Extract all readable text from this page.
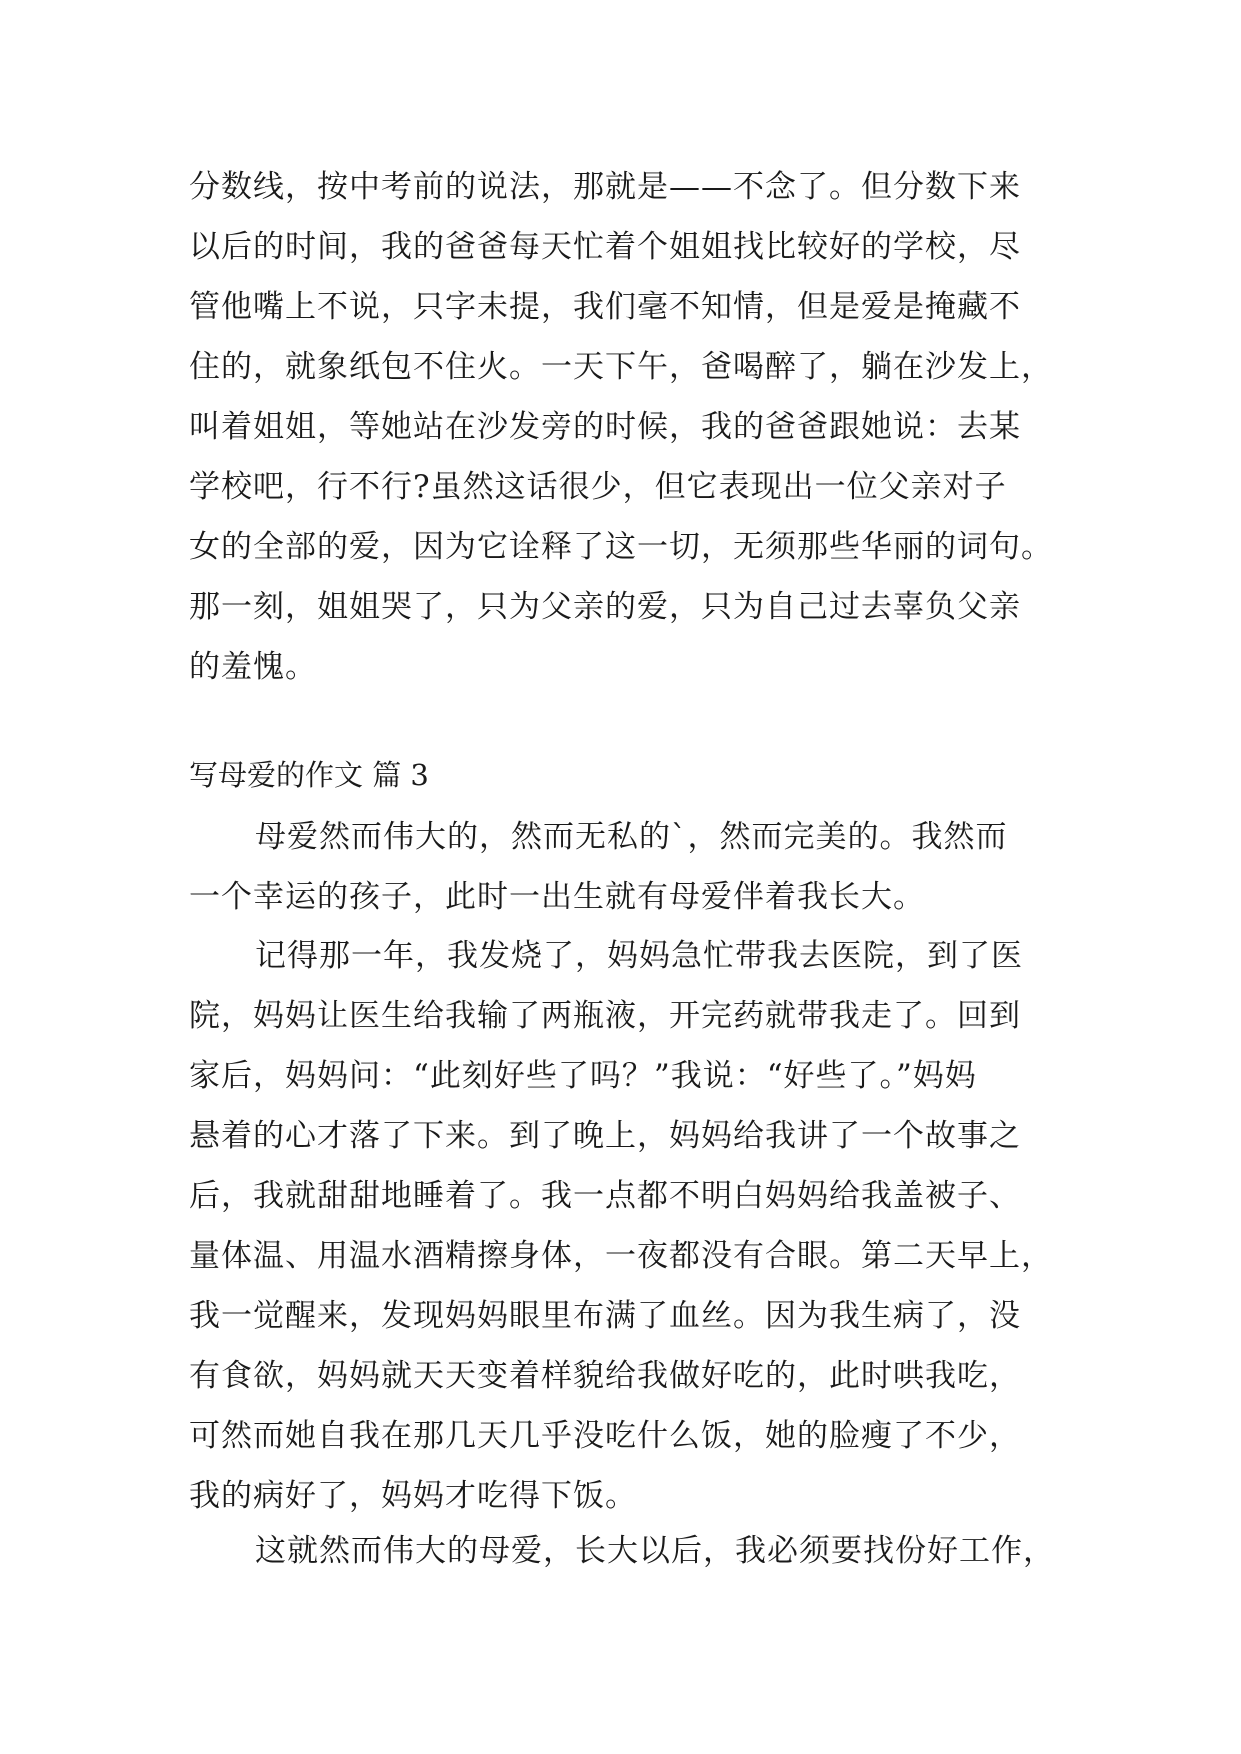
分数线，按中考前的说法，那就是——不念了。但分数下来
以后的时间，我的爸爸每天忙着个姐姐找比较好的学校，尽
管他嘴上不说，只字未提，我们毫不知情，但是爱是掩藏不
住的，就象纸包不住火。一天下午，爸喝醉了，躺在沙发上，
叫着姐姐，等她站在沙发旁的时候，我的爸爸跟她说：去某
学校吧，行不行?虽然这话很少，但它表现出一位父亲对子
女的全部的爱，因为它诠释了这一切，无须那些华丽的词句。
那一刻，姐姐哭了，只为父亲的爱，只为自己过去辜负父亲
的羞愧。
写母爱的作文 篇 3
母爱然而伟大的，然而无私的`，然而完美的。我然而
一个幸运的孩子，此时一出生就有母爱伴着我长大。
记得那一年，我发烧了，妈妈急忙带我去医院，到了医
院，妈妈让医生给我输了两瓶液，开完药就带我走了。回到
家后，妈妈问：“此刻好些了吗？”我说：“好些了。”妈妈
悬着的心才落了下来。到了晚上，妈妈给我讲了一个故事之
后，我就甜甜地睡着了。我一点都不明白妈妈给我盖被子、
量体温、用温水酒精擦身体，一夜都没有合眼。第二天早上，
我一觉醒来，发现妈妈眼里布满了血丝。因为我生病了，没
有食欲，妈妈就天天变着样貌给我做好吃的，此时哄我吃，
可然而她自我在那几天几乎没吃什么饭，她的脸瘦了不少，
我的病好了，妈妈才吃得下饭。
这就然而伟大的母爱，长大以后，我必须要找份好工作，
